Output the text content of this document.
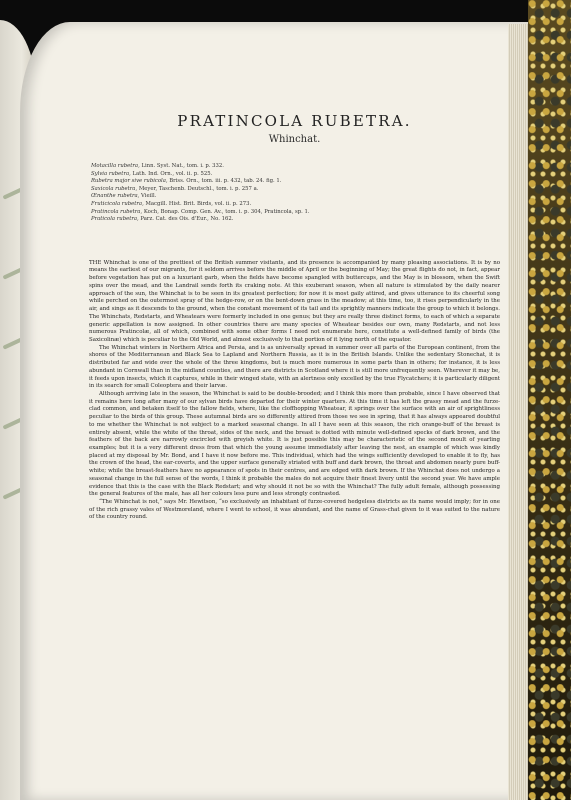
PRATINCOLA RUBETRA.
Whinchat.
Motacilla rubetra, Linn. Syst. Nat., tom. i. p. 332.
Sylvia rubetra, Lath. Ind. Orn., vol. ii. p. 525.
Rubetra major sive rubicola, Briss. Orn., tom. iii. p. 432, tab. 24. fig. 1.
Saxicola rubetra, Meyer, Taschenb. Deutschl., tom. i. p. 257 a.
Œnanthe rubetra, Vieill.
Fruticicola rubetra, Macgill. Hist. Brit. Birds, vol. ii. p. 273.
Pratincola rubetra, Koch, Bonap. Comp. Gen. Av., tom. i. p. 304, Pratincola, sp. 1.
Praticola rubetra, Parz. Cat. des Ois. d'Eur., No. 162.

THE Whinchat is one of the prettiest of the British summer visitants, and its presence is accompanied by many pleasing associations. It is by no means the earliest of our migrants, for it seldom arrives before the middle of April or the beginning of May; the great flights do not, in fact, appear before vegetation has put on a luxuriant garb, when the fields have become spangled with buttercups, and the May is in blossom, when the Swift spins over the mead, and the Landrail sends forth its craking note. At this exuberant season, when all nature is stimulated by the daily nearer approach of the sun, the Whinchat is to be seen in its greatest perfection; for now it is most gaily attired, and gives utterance to its cheerful song while perched on the outermost spray of the hedge-row, or on the bent-down grass in the meadow; at this time, too, it rises perpendicularly in the air, and sings as it descends to the ground, when the constant movement of its tail and its sprightly manners indicate the group to which it belongs. The Whinchats, Redstarts, and Wheatears were formerly included in one genus; but they are really three distinct forms, to each of which a separate generic appellation is now assigned. In other countries there are many species of Wheatear besides our own, many Redstarts, and not less numerous Pratincolæ, all of which, combined with some other forms I need not enumerate here, constitute a well-defined family of birds (the Saxicolinæ) which is peculiar to the Old World, and almost exclusively to that portion of it lying north of the equator.

The Whinchat winters in Northern Africa and Persia, and is as universally spread in summer over all parts of the European continent, from the shores of the Mediterranean and Black Sea to Lapland and Northern Russia, as it is in the British Islands. Unlike the sedentary Stonechat, it is distributed far and wide over the whole of the three kingdoms, but is much more numerous in some parts than in others; for instance, it is less abundant in Cornwall than in the midland counties, and there are districts in Scotland where it is still more unfrequently seen. Wherever it may be, it feeds upon insects, which it captures, while in their winged state, with an alertness only excelled by the true Flycatchers; it is particularly diligent in its search for small Coleoptera and their larvæ.

Although arriving late in the season, the Whinchat is said to be double-brooded; and I think this more than probable, since I have observed that it remains here long after many of our sylvan birds have departed for their winter quarters. At this time it has left the grassy mead and the furze-clad common, and betaken itself to the fallow fields, where, like the cloffhopping Wheatear, it springs over the surface with an air of sprightliness peculiar to the birds of this group. These autumnal birds are so differently attired from those we see in spring, that it has always appeared doubtful to me whether the Whinchat is not subject to a marked seasonal change. In all I have seen at this season, the rich orange-buff of the breast is entirely absent, while the white of the throat, sides of the neck, and the breast is dotted with minute well-defined specks of dark brown, and the feathers of the back are narrowly encircled with greyish white. It is just possible this may be characteristic of the second moult of yearling examples; but it is a very different dress from that which the young assume immediately after leaving the nest, an example of which was kindly placed at my disposal by Mr. Bond, and I have it now before me. This individual, which had the wings sufficiently developed to enable it to fly, has the crown of the head, the ear-coverts, and the upper surface generally striated with buff and dark brown, the throat and abdomen nearly pure buff-white; while the breast-feathers have no appearance of spots in their centres, and are edged with dark brown. If the Whinchat does not undergo a seasonal change in the full sense of the words, I think it probable the males do not acquire their finest livery until the second year. We have ample evidence that this is the case with the Black Redstart; and why should it not be so with the Whinchat? The fully adult female, although possessing the general features of the male, has all her colours less pure and less strongly contrasted.

“The Whinchat is not,” says Mr. Hewitson, “so exclusively an inhabitant of furze-covered hedgeless districts as its name would imply; for in one of the rich grassy vales of Westmoreland, where I went to school, it was abundant, and the name of Grass-chat given to it was suited to the nature of the country round.
